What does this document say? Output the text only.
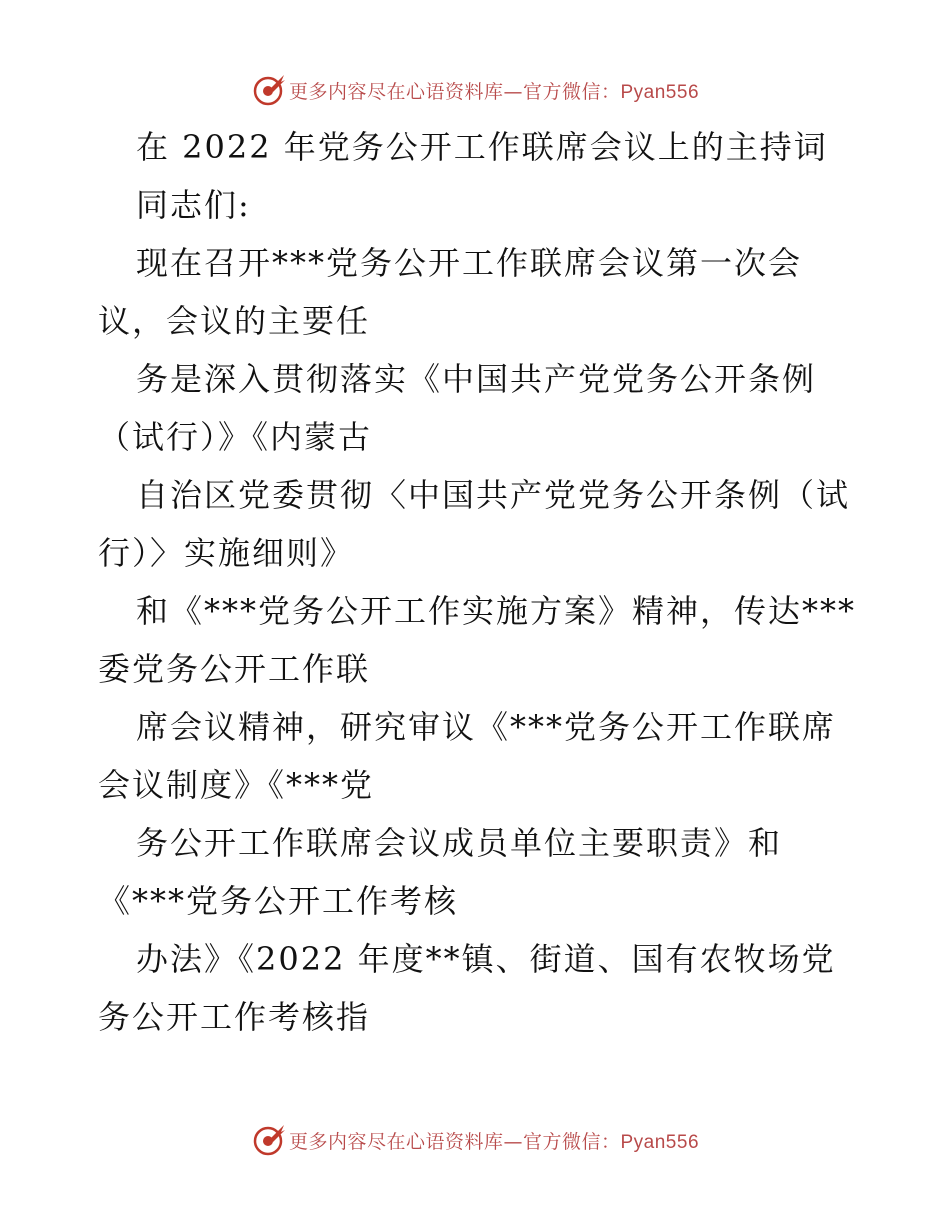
更多内容尽在心语资料库—官方微信：Pyan556
在 2022 年党务公开工作联席会议上的主持词
同志们:
现在召开***党务公开工作联席会议第一次会
议，会议的主要任
务是深入贯彻落实《中国共产党党务公开条例
（试行）》《内蒙古
自治区党委贯彻〈中国共产党党务公开条例（试
行）〉实施细则》
和《***党务公开工作实施方案》精神，传达***
委党务公开工作联
席会议精神，研究审议《***党务公开工作联席
会议制度》《***党
务公开工作联席会议成员单位主要职责》和
《***党务公开工作考核
办法》《2022 年度**镇、街道、国有农牧场党
务公开工作考核指
更多内容尽在心语资料库—官方微信：Pyan556
